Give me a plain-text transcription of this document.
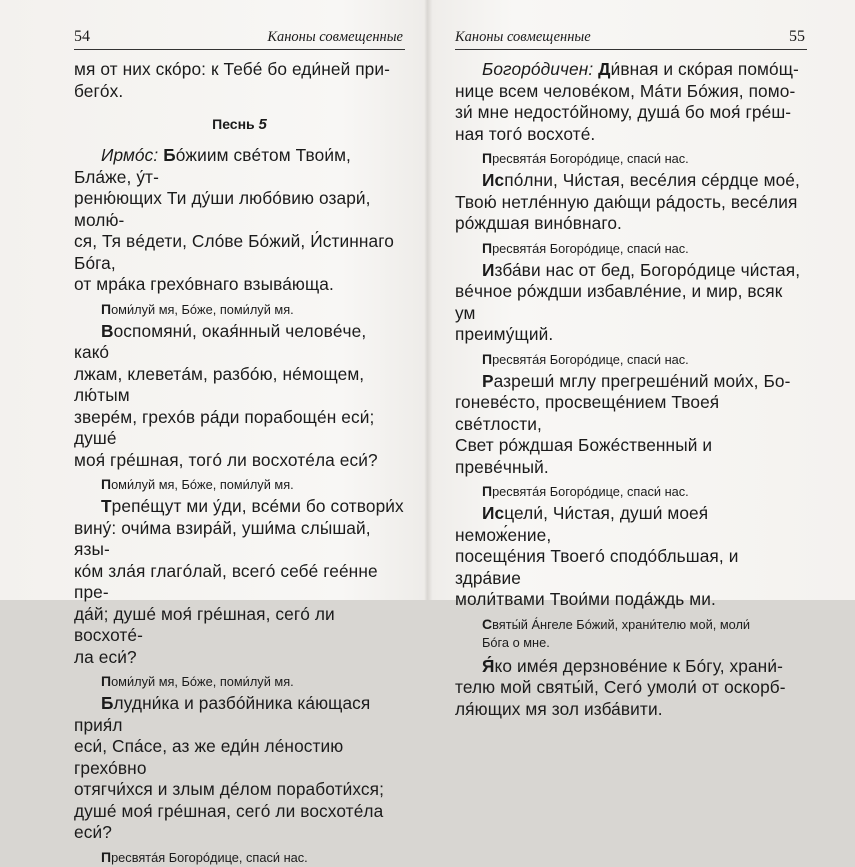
54	Каноны совмещенные

мя от них скóро: к Тебé бо еди́ней при-
бегóх.

Песнь 5

Ирмóс: Бóжиим свéтом Твои́м, Бла́же, у́т-
реню́ющих Ти ду́ши любóвию озари́, молю́-
ся, Тя вéдети, Слóве Бóжий, И́стиннаго Бóга,
от мрáка грехóвнаго взыва́юща.

Поми́луй мя, Бóже, поми́луй мя.

Воспомяни́, окая́нный человéче, какó
лжам, клеветáм, разбóю, нéмощем, лю́тым
зверéм, грехóв рáди порабощéн еси́; душé
моя́ грéшная, тогó ли восхотéла еси́?

Поми́луй мя, Бóже, поми́луй мя.

Трепéщут ми у́ди, вcéми бо сотвори́х
вину́: очи́ма взира́й, уши́ма слы́шай, язы-
кóм зла́я глагóлай, всегó себé геéнне пре-
да́й; душé моя́ грéшная, сегó ли восхотé-
ла еси́?

Поми́луй мя, Бóже, поми́луй мя.

Блудни́ка и разбóйника ка́ющася прия́л
еси́, Спáсе, аз же еди́н лéностию грехóвно
отягчи́хся и злым дéлом поработи́хся;
душé моя́ грéшная, сегó ли восхотéла еси́?

Пресвятáя Богорóдице, спаси́ нас.

Каноны совмещенные	55

Богорóдичен: Ди́вная и скóрая помóщ-
нице всем человéком, Мáти Бóжия, помо-
зи́ мне недостóйному, душа́ бо моя́ грéш-
ная тогó восхотé.

Пресвятáя Богорóдице, спаси́ нас.

Испóлни, Чи́стая, весéлия сéрдце моé,
Твою́ нетлéнную даю́щи рáдость, весéлия
рóждшая винóвнаго.

Пресвятáя Богорóдице, спаси́ нас.

Изба́ви нас от бед, Богорóдице чи́стая,
вéчное рóждши избавлéние, и мир, всяк ум
преиму́щий.

Пресвятáя Богорóдице, спаси́ нас.

Разреши́ мглу прегрешéний мои́х, Бо-
гоневе́сто, просвещéнием Твоея́ свéтлости,
Свет рóждшая Божéственный и превéчный.

Пресвятáя Богорóдице, спаси́ нас.

Исцели́, Чи́стая, души́ моея́ немож́ение,
посещéния Твоегó сподóбльшая, и здра́вие
моли́твами Твои́ми подáждь ми.

Святы́й А́нгеле Бóжий, храни́телю мой, моли́
Бóга о мне.

Я́ко имéя дерзновéние к Бóгу, храни́-
телю мой святы́й, Сегó умоли́ от оскорб-
ля́ющих мя зол изба́вити.
